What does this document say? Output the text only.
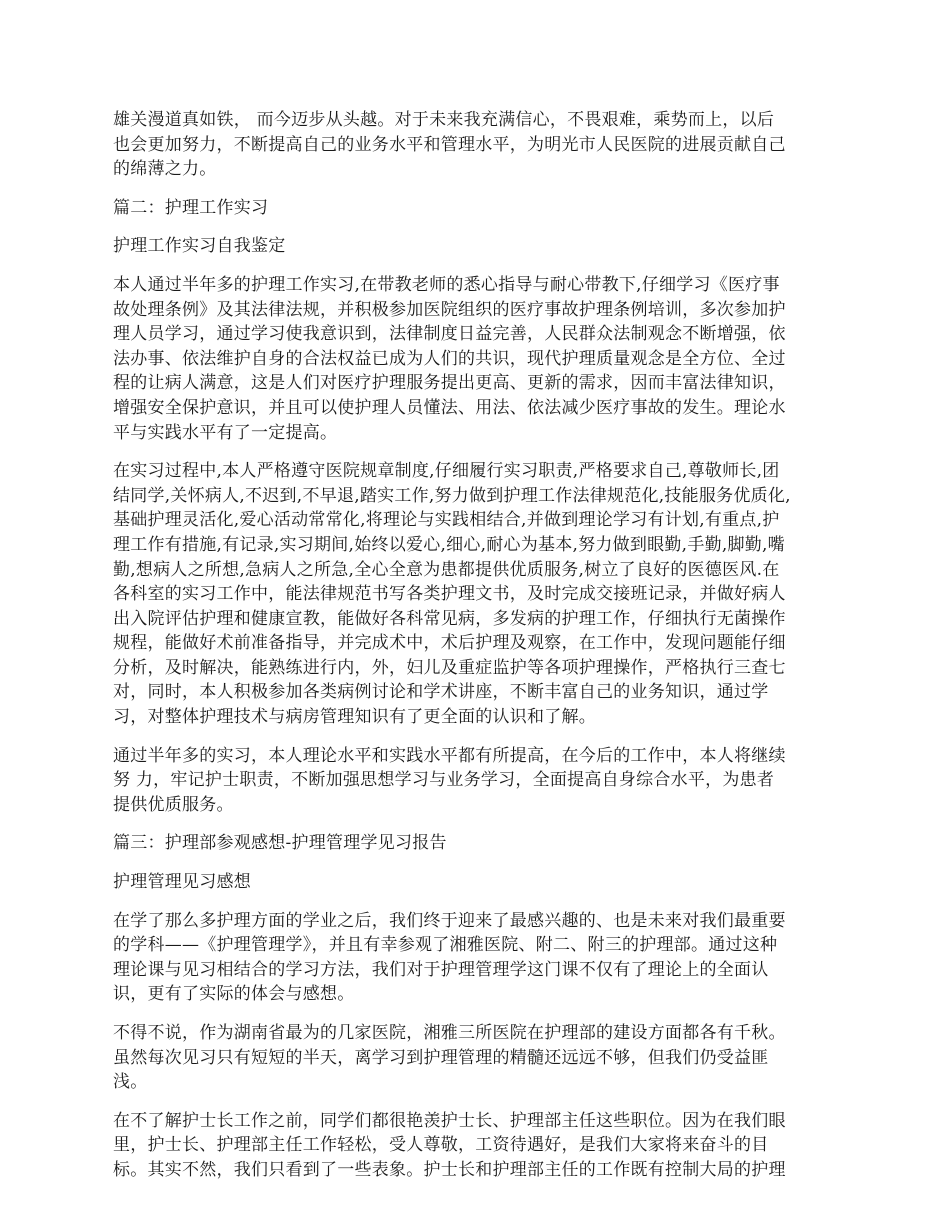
雄关漫道真如铁， 而今迈步从头越。对于未来我充满信心，不畏艰难，乘势而上，以后
也会更加努力，不断提高自己的业务水平和管理水平，为明光市人民医院的进展贡献自己
的绵薄之力。

篇二：护理工作实习

护理工作实习自我鉴定

本人通过半年多的护理工作实习,在带教老师的悉心指导与耐心带教下,仔细学习《医疗事
故处理条例》及其法律法规，并积极参加医院组织的医疗事故护理条例培训，多次参加护
理人员学习，通过学习使我意识到，法律制度日益完善，人民群众法制观念不断增强，依
法办事、依法维护自身的合法权益已成为人们的共识，现代护理质量观念是全方位、全过
程的让病人满意，这是人们对医疗护理服务提出更高、更新的需求，因而丰富法律知识，
增强安全保护意识，并且可以使护理人员懂法、用法、依法减少医疗事故的发生。理论水
平与实践水平有了一定提高。

在实习过程中,本人严格遵守医院规章制度,仔细履行实习职责,严格要求自己,尊敬师长,团
结同学,关怀病人,不迟到,不早退,踏实工作,努力做到护理工作法律规范化,技能服务优质化,
基础护理灵活化,爱心活动常常化,将理论与实践相结合,并做到理论学习有计划,有重点,护
理工作有措施,有记录,实习期间,始终以爱心,细心,耐心为基本,努力做到眼勤,手勤,脚勤,嘴
勤,想病人之所想,急病人之所急,全心全意为患都提供优质服务,树立了良好的医德医风.在
各科室的实习工作中，能法律规范书写各类护理文书，及时完成交接班记录，并做好病人
出入院评估护理和健康宣教，能做好各科常见病，多发病的护理工作，仔细执行无菌操作
规程，能做好术前准备指导，并完成术中，术后护理及观察，在工作中，发现问题能仔细
分析，及时解决，能熟练进行内，外，妇儿及重症监护等各项护理操作，严格执行三查七
对，同时，本人积极参加各类病例讨论和学术讲座，不断丰富自己的业务知识，通过学
习，对整体护理技术与病房管理知识有了更全面的认识和了解。

通过半年多的实习，本人理论水平和实践水平都有所提高，在今后的工作中，本人将继续
努 力，牢记护士职责，不断加强思想学习与业务学习，全面提高自身综合水平，为患者
提供优质服务。

篇三：护理部参观感想-护理管理学见习报告

护理管理见习感想

在学了那么多护理方面的学业之后，我们终于迎来了最感兴趣的、也是未来对我们最重要
的学科——《护理管理学》，并且有幸参观了湘雅医院、附二、附三的护理部。通过这种
理论课与见习相结合的学习方法，我们对于护理管理学这门课不仅有了理论上的全面认
识，更有了实际的体会与感想。

不得不说，作为湖南省最为的几家医院，湘雅三所医院在护理部的建设方面都各有千秋。
虽然每次见习只有短短的半天，离学习到护理管理的精髓还远远不够，但我们仍受益匪
浅。

在不了解护士长工作之前，同学们都很艳羡护士长、护理部主任这些职位。因为在我们眼
里，护士长、护理部主任工作轻松，受人尊敬，工资待遇好，是我们大家将来奋斗的目
标。其实不然，我们只看到了一些表象。护士长和护理部主任的工作既有控制大局的护理
